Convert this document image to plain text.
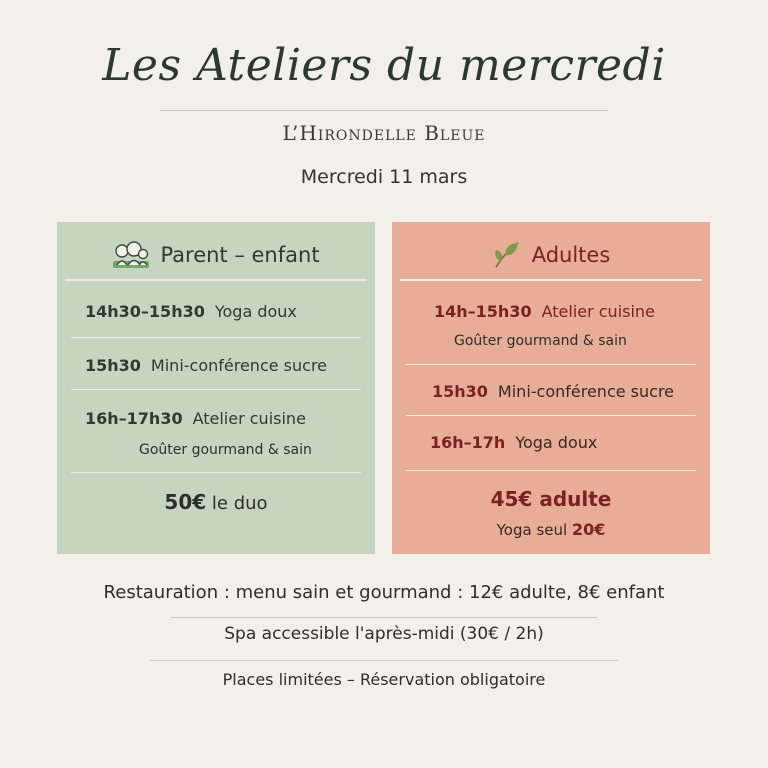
Les Ateliers du mercredi
L’Hirondelle Bleue
Mercredi 11 mars
Parent – enfant
14h30–15h30 Yoga doux
15h30 Mini-conférence sucre
16h–17h30 Atelier cuisine
Goûter gourmand & sain
50€ le duo
Adultes
14h–15h30 Atelier cuisine
Goûter gourmand & sain
15h30 Mini-conférence sucre
16h–17h Yoga doux
45€ adulte
Yoga seul 20€
Restauration : menu sain et gourmand : 12€ adulte, 8€ enfant
Spa accessible l'après-midi (30€ / 2h)
Places limitées – Réservation obligatoire
